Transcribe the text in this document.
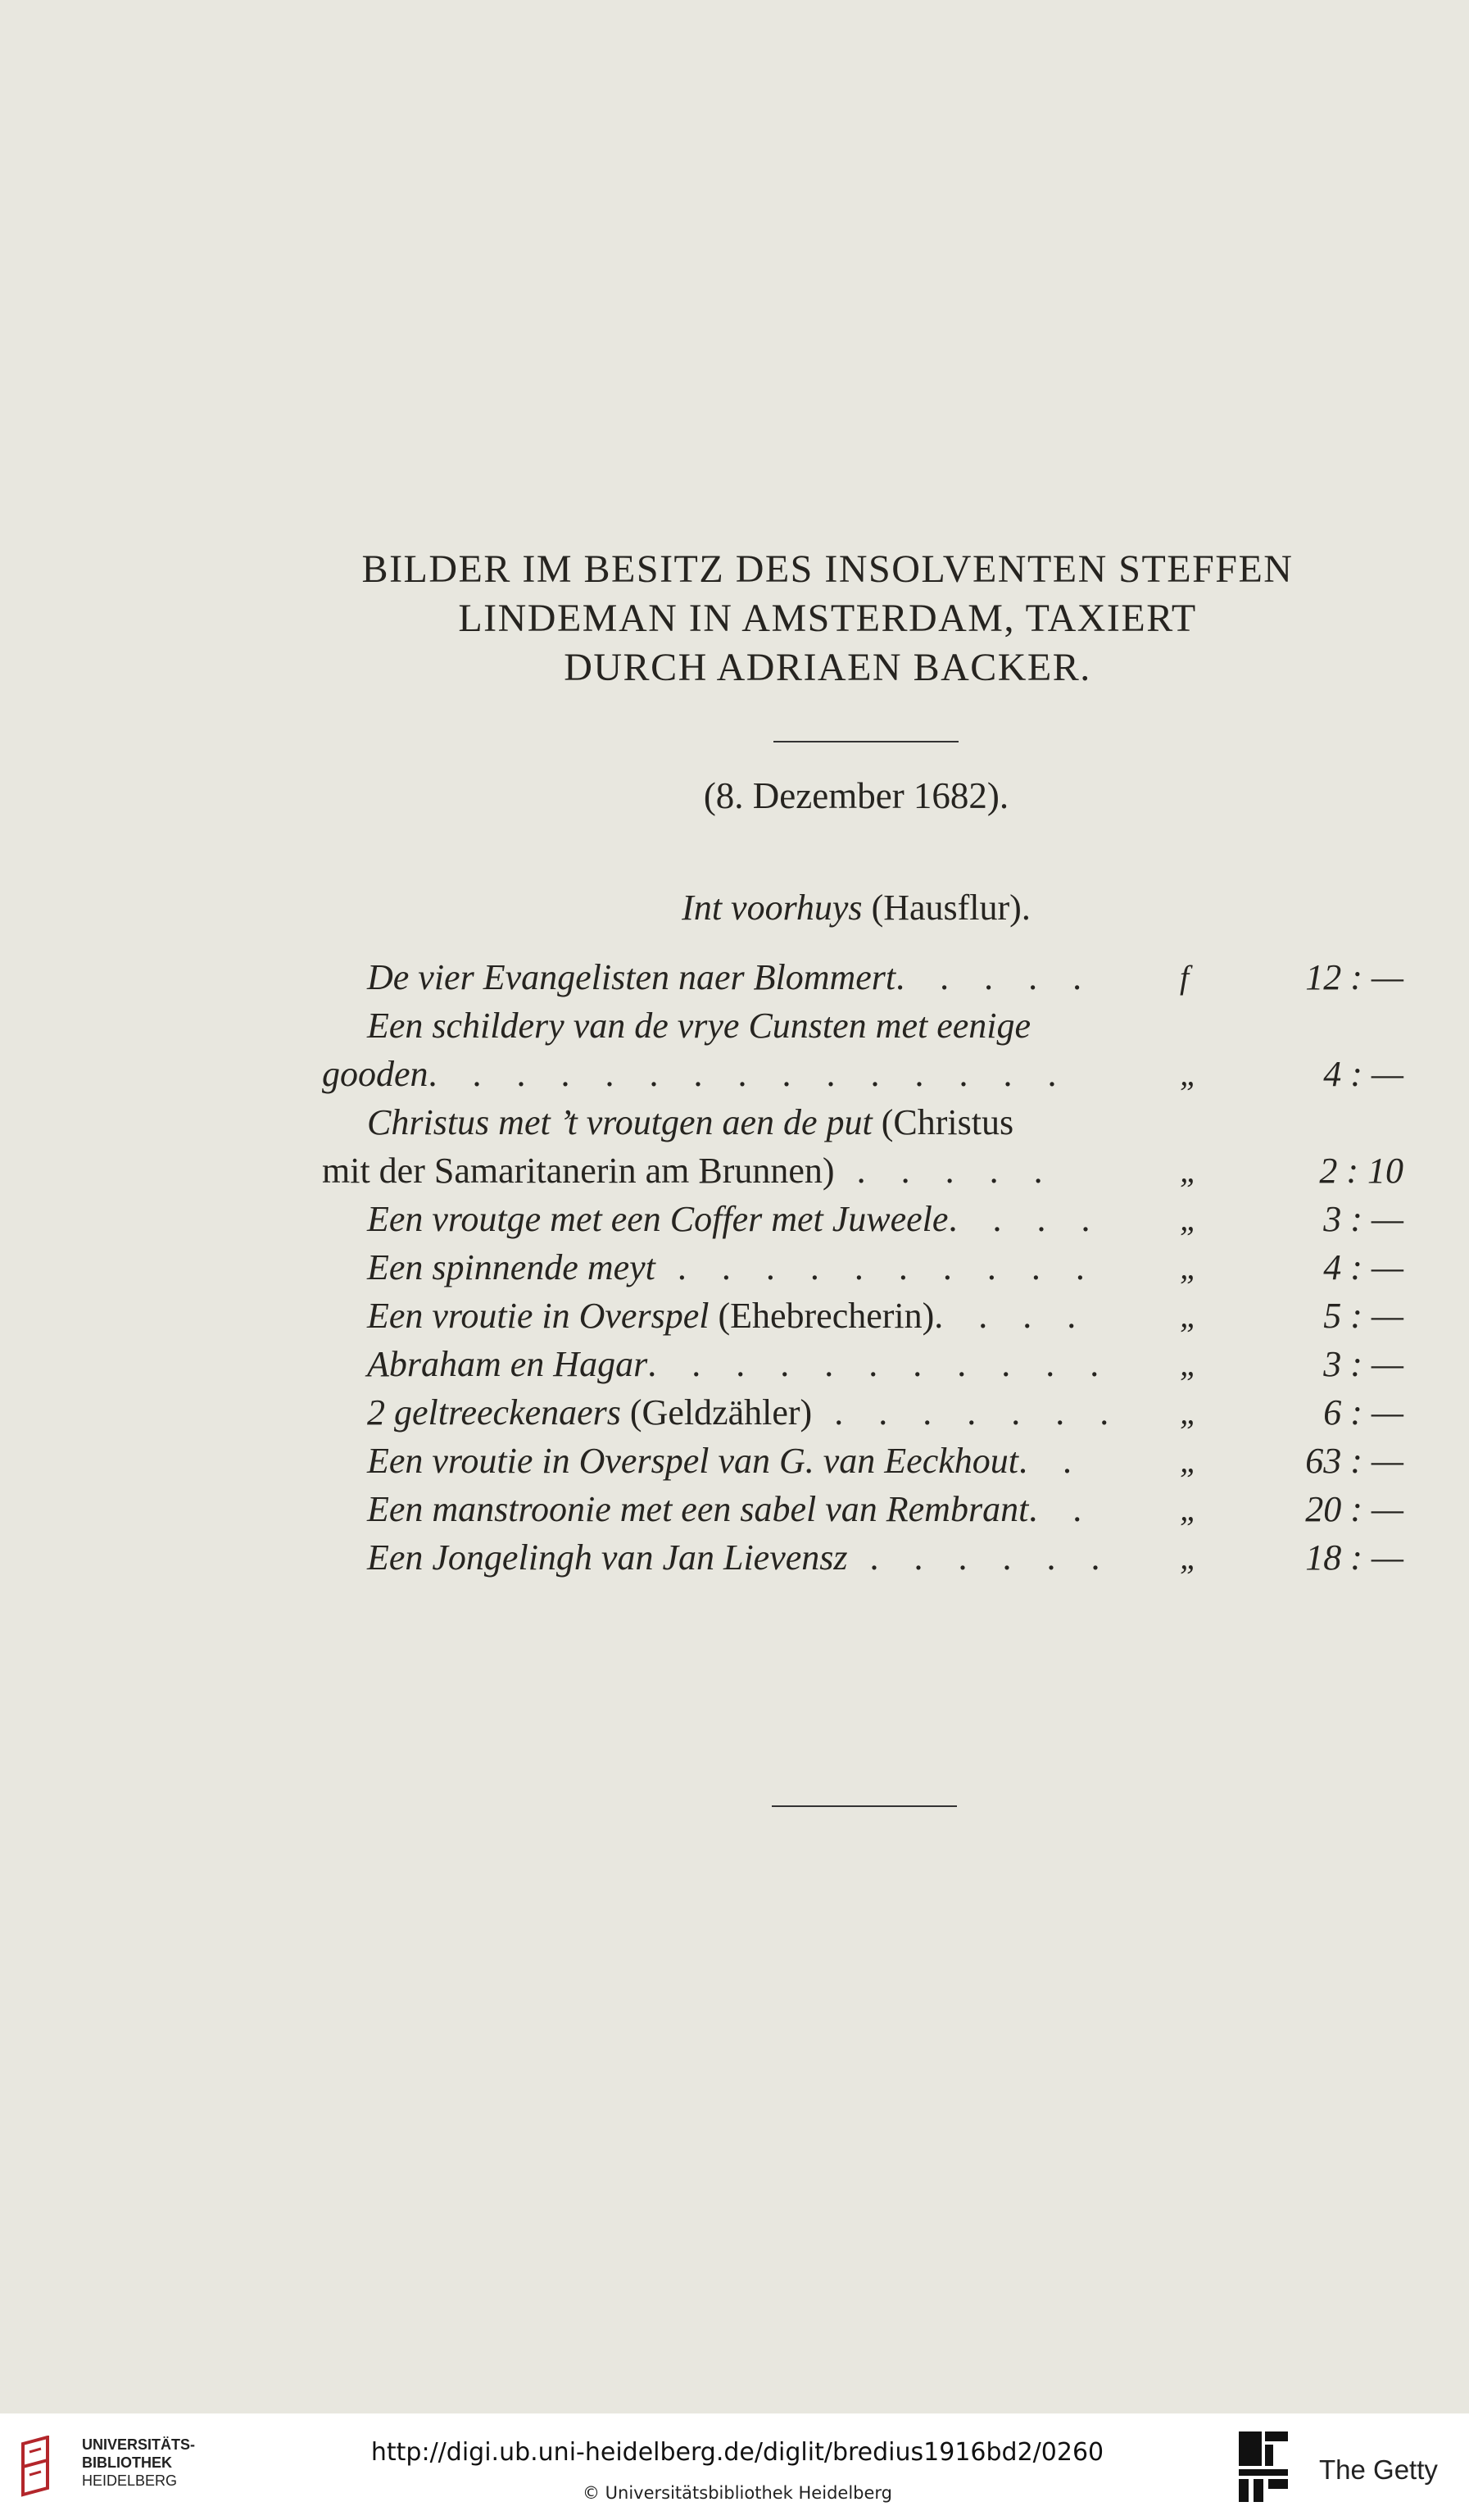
BILDER IM BESITZ DES INSOLVENTEN STEFFEN
LINDEMAN IN AMSTERDAM, TAXIERT
DURCH ADRIAEN BACKER.
(8. Dezember 1682).
Int voorhuys (Hausflur).
De vier Evangelisten naer Blommert. . . . .	f	12 : —
Een schildery van de vrye Cunsten met eenige
gooden. . . . . . . . . . . . . . .	„	4 : —
Christus met ’t vroutgen aen de put (Christus
mit der Samaritanerin am Brunnen) . . . . .	„	2 : 10
Een vroutge met een Coffer met Juweele. . . . „	3 : —
Een spinnende meyt . . . . . . . . . .	„	4 : —
Een vroutie in Overspel (Ehebrecherin). . . .	„	5 : —
Abraham en Hagar. . . . . . . . . . . „	3 : —
2 geltreeckenaers (Geldzähler) . . . . . . . „	6 : —
Een vroutie in Overspel van G. van Eeckhout. .	„	63 : —
Een manstroonie met een sabel van Rembrant. .	„	20 : —
Een Jongelingh van Jan Lievensz . . . . . . „	18 : —
UNIVERSITÄTS-
BIBLIOTHEK
HEIDELBERG
http://digi.ub.uni-heidelberg.de/diglit/bredius1916bd2/0260
© Universitätsbibliothek Heidelberg
The Getty
